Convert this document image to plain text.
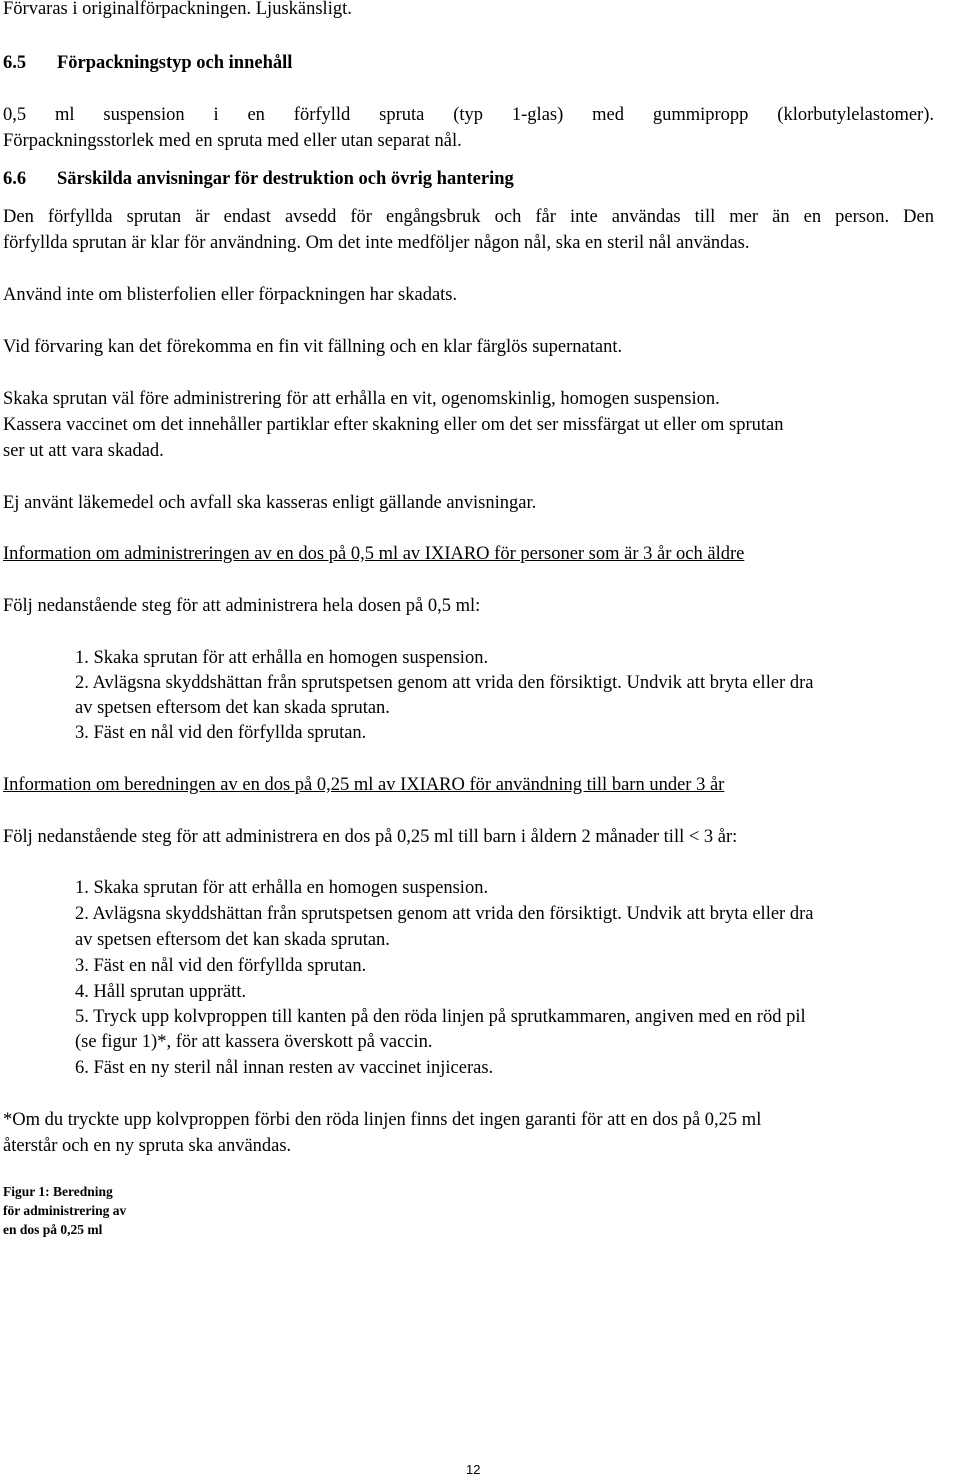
Förvaras i originalförpackningen. Ljuskänsligt.
6.5 Förpackningstyp och innehåll
0,5 ml suspension i en förfylld spruta (typ 1-glas) med gummipropp (klorbutylelastomer).
Förpackningsstorlek med en spruta med eller utan separat nål.
6.6 Särskilda anvisningar för destruktion och övrig hantering
Den förfyllda sprutan är endast avsedd för engångsbruk och får inte användas till mer än en person. Den
förfyllda sprutan är klar för användning. Om det inte medföljer någon nål, ska en steril nål användas.
Använd inte om blisterfolien eller förpackningen har skadats.
Vid förvaring kan det förekomma en fin vit fällning och en klar färglös supernatant.
Skaka sprutan väl före administrering för att erhålla en vit, ogenomskinlig, homogen suspension.
Kassera vaccinet om det innehåller partiklar efter skakning eller om det ser missfärgat ut eller om sprutan
ser ut att vara skadad.
Ej använt läkemedel och avfall ska kasseras enligt gällande anvisningar.
Information om administreringen av en dos på 0,5 ml av IXIARO för personer som är 3 år och äldre
Följ nedanstående steg för att administrera hela dosen på 0,5 ml:
1. Skaka sprutan för att erhålla en homogen suspension.
2. Avlägsna skyddshättan från sprutspetsen genom att vrida den försiktigt. Undvik att bryta eller dra
av spetsen eftersom det kan skada sprutan.
3. Fäst en nål vid den förfyllda sprutan.
Information om beredningen av en dos på 0,25 ml av IXIARO för användning till barn under 3 år
Följ nedanstående steg för att administrera en dos på 0,25 ml till barn i åldern 2 månader till < 3 år:
1. Skaka sprutan för att erhålla en homogen suspension.
2. Avlägsna skyddshättan från sprutspetsen genom att vrida den försiktigt. Undvik att bryta eller dra
av spetsen eftersom det kan skada sprutan.
3. Fäst en nål vid den förfyllda sprutan.
4. Håll sprutan upprätt.
5. Tryck upp kolvproppen till kanten på den röda linjen på sprutkammaren, angiven med en röd pil
(se figur 1)*, för att kassera överskott på vaccin.
6. Fäst en ny steril nål innan resten av vaccinet injiceras.
*Om du tryckte upp kolvproppen förbi den röda linjen finns det ingen garanti för att en dos på 0,25 ml
återstår och en ny spruta ska användas.
Figur 1: Beredning
för administrering av
en dos på 0,25 ml
12
